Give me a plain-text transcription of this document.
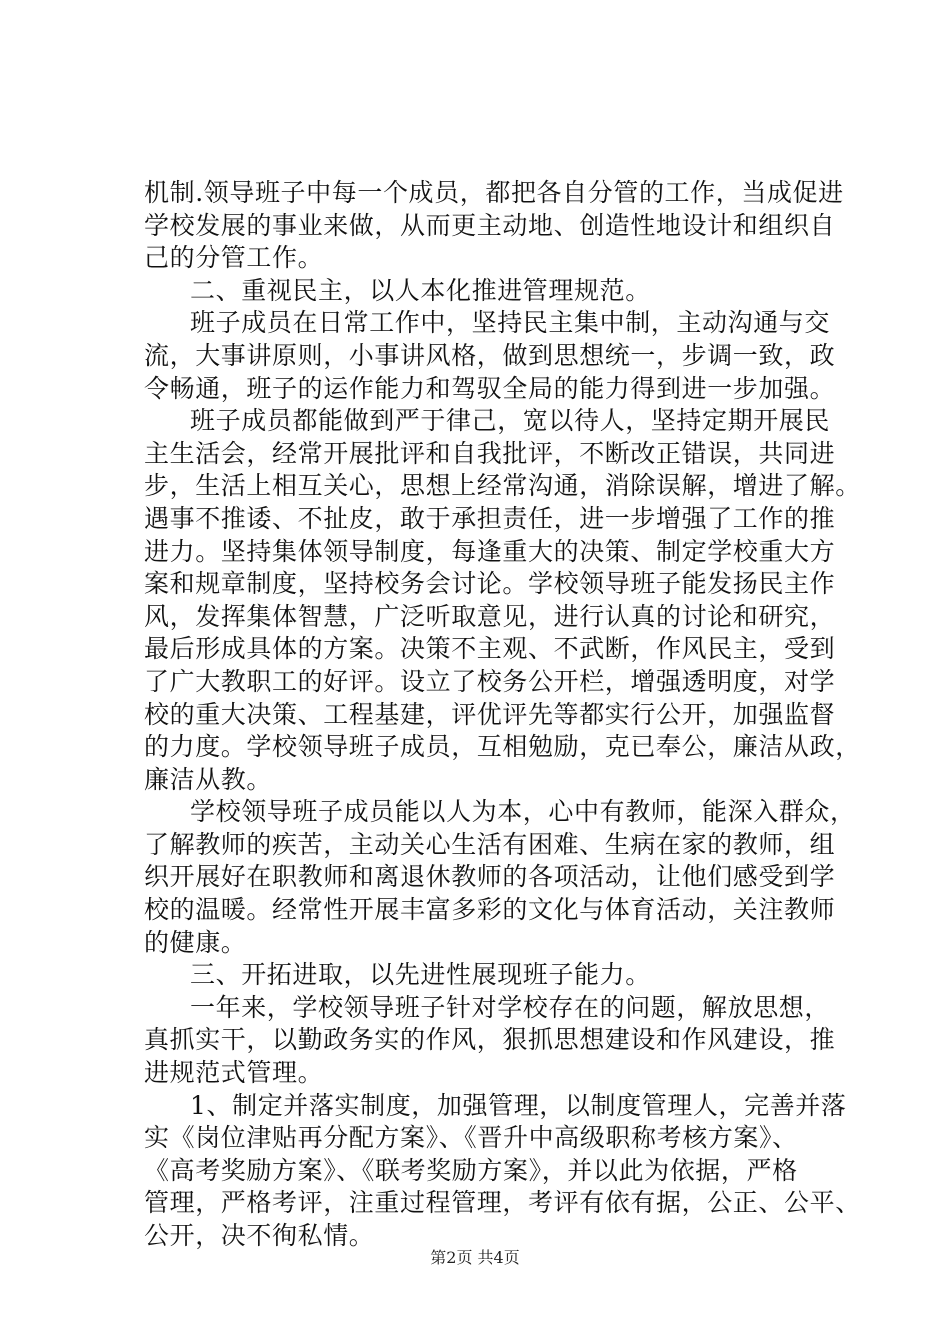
机制.领导班子中每一个成员，都把各自分管的工作，当成促进
学校发展的事业来做，从而更主动地、创造性地设计和组织自
己的分管工作。
二、重视民主，以人本化推进管理规范。
班子成员在日常工作中，坚持民主集中制，主动沟通与交
流，大事讲原则，小事讲风格，做到思想统一，步调一致，政
令畅通，班子的运作能力和驾驭全局的能力得到进一步加强。
班子成员都能做到严于律己，宽以待人，坚持定期开展民
主生活会，经常开展批评和自我批评，不断改正错误，共同进
步，生活上相互关心，思想上经常沟通，消除误解，增进了解。
遇事不推诿、不扯皮，敢于承担责任，进一步增强了工作的推
进力。坚持集体领导制度，每逢重大的决策、制定学校重大方
案和规章制度，坚持校务会讨论。学校领导班子能发扬民主作
风，发挥集体智慧，广泛听取意见，进行认真的讨论和研究，
最后形成具体的方案。决策不主观、不武断，作风民主，受到
了广大教职工的好评。设立了校务公开栏，增强透明度，对学
校的重大决策、工程基建，评优评先等都实行公开，加强监督
的力度。学校领导班子成员，互相勉励，克已奉公，廉洁从政，
廉洁从教。
学校领导班子成员能以人为本，心中有教师，能深入群众，
了解教师的疾苦，主动关心生活有困难、生病在家的教师，组
织开展好在职教师和离退休教师的各项活动，让他们感受到学
校的温暖。经常性开展丰富多彩的文化与体育活动，关注教师
的健康。
三、开拓进取，以先进性展现班子能力。
一年来，学校领导班子针对学校存在的问题，解放思想，
真抓实干，以勤政务实的作风，狠抓思想建设和作风建设，推
进规范式管理。
1、制定并落实制度，加强管理，以制度管理人，完善并落
实《岗位津贴再分配方案》、《晋升中高级职称考核方案》、
《高考奖励方案》、《联考奖励方案》，并以此为依据，严格
管理，严格考评，注重过程管理，考评有依有据，公正、公平、
公开，决不徇私情。
第2页 共4页
